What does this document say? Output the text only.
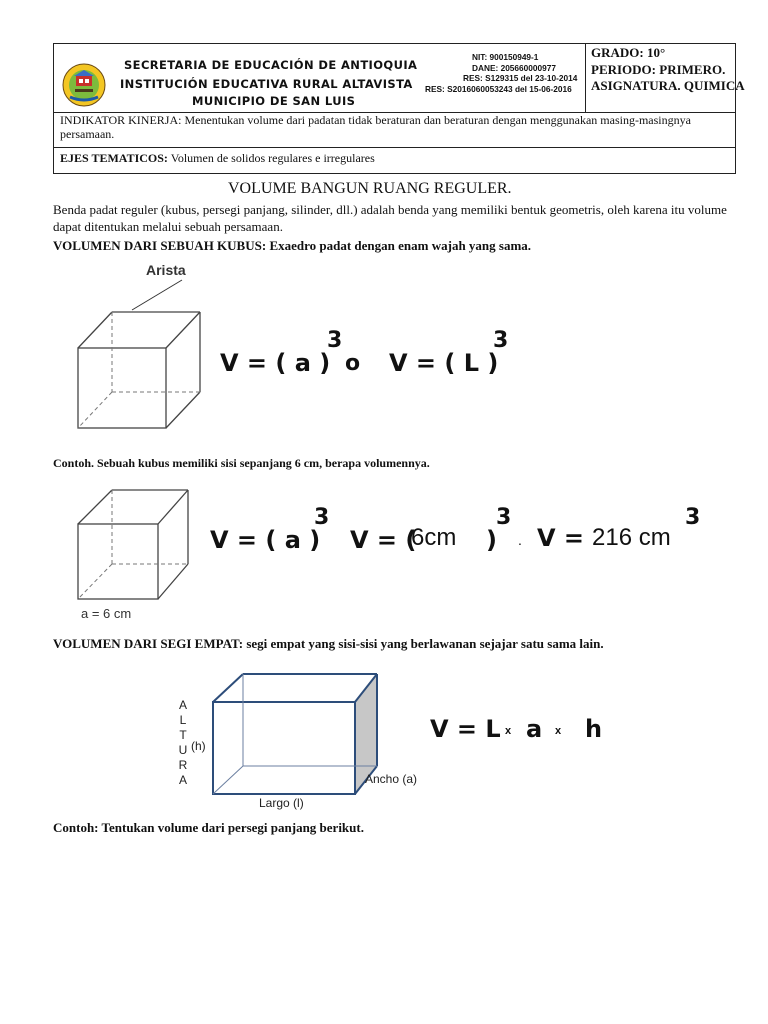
SECRETARIA DE EDUCACIÓN DE ANTIOQUIA
INSTITUCIÓN EDUCATIVA RURAL ALTAVISTA
MUNICIPIO DE SAN LUIS
NIT: 900150949-1
DANE: 205660000977
RES: S129315 del 23-10-2014
RES: S2016060053243 del 15-06-2016
GRADO: 10°
PERIODO: PRIMERO.
ASIGNATURA. QUIMICA
INDIKATOR KINERJA: Menentukan volume dari padatan tidak beraturan dan beraturan dengan menggunakan masing-masingnya persamaan.
EJES TEMATICOS: Volumen de solidos regulares e irregulares
VOLUME BANGUN RUANG REGULER.
Benda padat reguler (kubus, persegi panjang, silinder, dll.) adalah benda yang memiliki bentuk geometris, oleh karena itu volume dapat ditentukan melalui sebuah persamaan.
VOLUMEN DARI SEBUAH KUBUS: Exaedro padat dengan enam wajah yang sama.
Arista
V = ( a )
3
o V = ( L )
3
Contoh. Sebuah kubus memiliki sisi sepanjang 6 cm, berapa volumennya.
a = 6 cm
V = ( a )
3
V = (
6cm )
3
. V = 216 cm
3
VOLUMEN DARI SEGI EMPAT: segi empat yang sisi-sisi yang berlawanan sejajar satu sama lain.
A
L
T
U
R
A
(h)
Ancho (a)
Largo (l)
V = L x a x h
Contoh: Tentukan volume dari persegi panjang berikut.
